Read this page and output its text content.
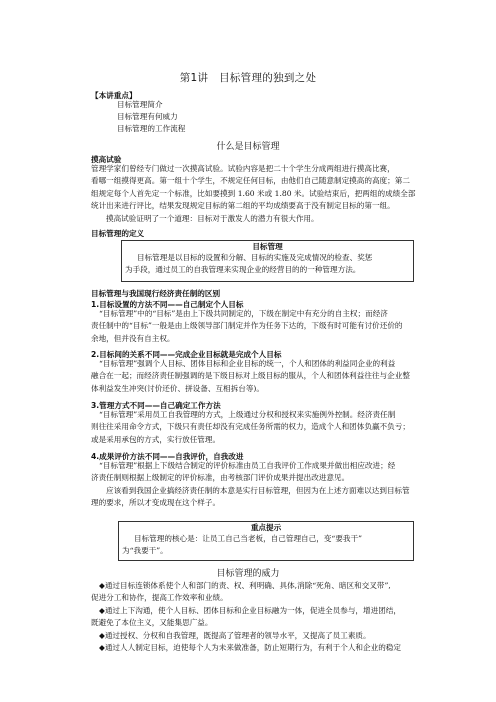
第1讲　目标管理的独到之处
【本讲重点】
目标管理简介
目标管理有何威力
目标管理的工作流程
什么是目标管理
摸高试验
管理学家们曾经专门做过一次摸高试验。试验内容是把二十个学生分成两组进行摸高比赛，
看哪一组摸得更高。第一组十个学生，不规定任何目标，由他们自己随意制定摸高的高度；第二
组规定每个人首先定一个标准，比如要摸到 1.60 米或 1.80 米。试验结束后，把两组的成绩全部
统计出来进行评比，结果发现规定目标的第二组的平均成绩要高于没有制定目标的第一组。
摸高试验证明了一个道理：目标对于激发人的潜力有很大作用。
目标管理的定义
目标管理
目标管理是以目标的设置和分解、目标的实施及完成情况的检查、奖惩
为手段，通过员工的自我管理来实现企业的经营目的的一种管理方法。
目标管理与我国现行经济责任制的区别
1.目标设置的方法不同——自己制定个人目标
“目标管理”中的“目标”是由上下级共同制定的，下级在制定中有充分的自主权；而经济
责任制中的“目标”一般是由上级领导部门制定并作为任务下达的，下级有时可能有讨价还价的
余地，但并没有自主权。
2.目标间的关系不同——完成企业目标就是完成个人目标
“目标管理”强调个人目标、团体目标和企业目标的统一，个人和团体的利益同企业的利益
融合在一起；而经济责任制强调的是下级目标对上级目标的服从，个人和团体利益往往与企业整
体利益发生冲突(讨价还价、拼设备、互相拆台等)。
3.管理方式不同——自己确定工作方法
“目标管理”采用员工自我管理的方式，上级通过分权和授权来实施例外控制。经济责任制
则往往采用命令方式，下级只有责任却没有完成任务所需的权力，造成个人和团体负赢不负亏；
或是采用承包的方式，实行放任管理。
4.成果评价方法不同——自我评价，自我改进
“目标管理”根据上下级结合制定的评价标准由员工自我评价工作成果并做出相应改进；经
济责任制则根据上级制定的评价标准，由考核部门评价成果并提出改进意见。
应该看到我国企业搞经济责任制的本意是实行目标管理，但因为在上述方面难以达到目标管
理的要求，所以才变成现在这个样子。
重点提示
目标管理的核心是：让员工自己当老板，自己管理自己，变“要我干”
为“我要干”。
目标管理的威力
◆通过目标连锁体系使个人和部门的责、权、利明确、具体,消除“死角、暗区和交叉带”,
促进分工和协作，提高工作效率和业绩。
◆通过上下沟通，使个人目标、团体目标和企业目标融为一体，促进全员参与，增进团结，
既避免了本位主义，又能集思广益。
◆通过授权、分权和自我管理，既提高了管理者的领导水平，又提高了员工素质。
◆通过人人制定目标，迫使每个人为未来做准备，防止短期行为，有利于个人和企业的稳定
